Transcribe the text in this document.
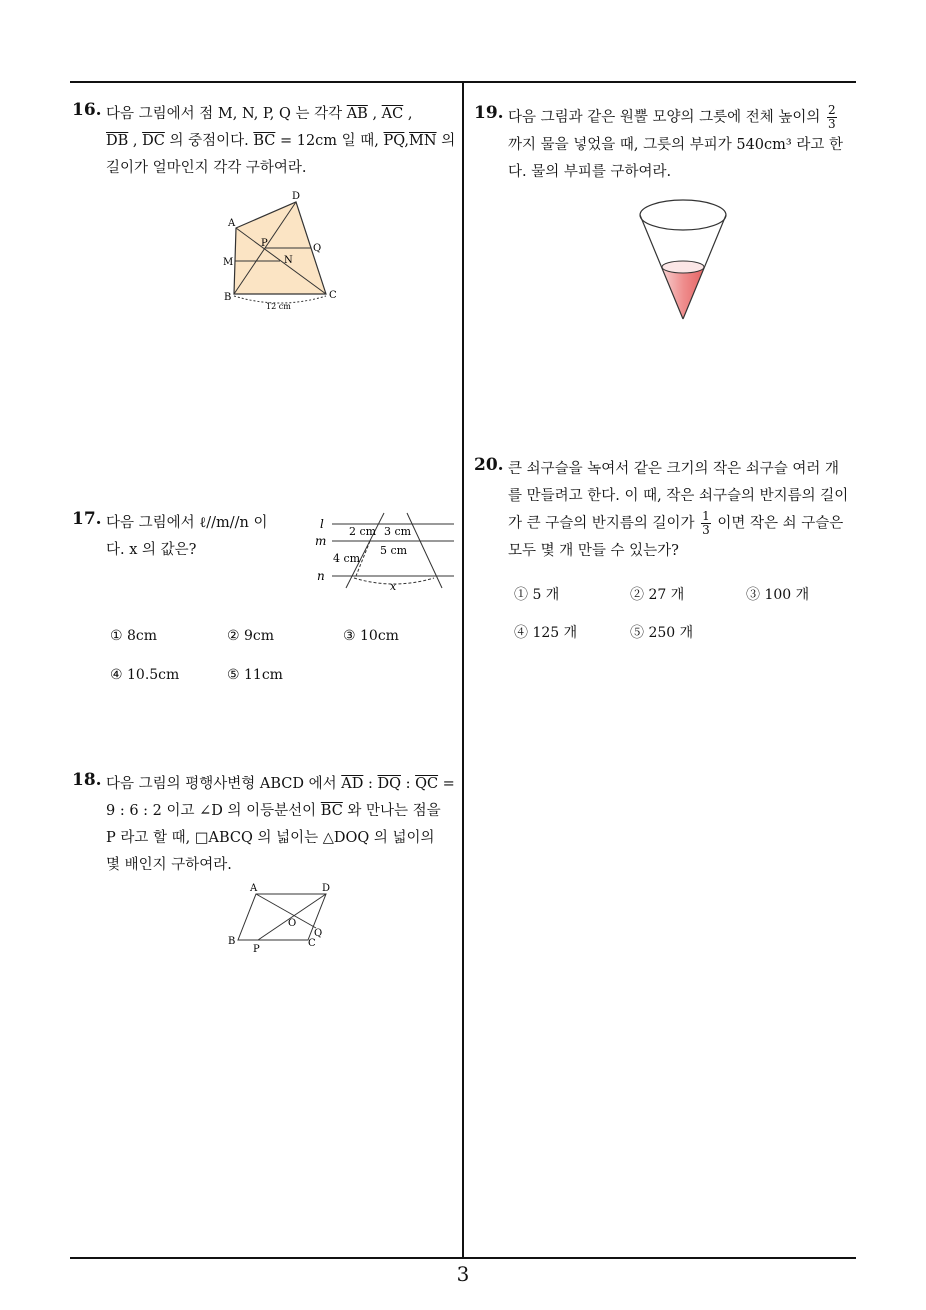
16. 다음 그림에서 점 M, N, P, Q 는 각각 $\overline{AB}$ , $\overline{AC}$ ,
$\overline{DB}$ , $\overline{DC}$ 의 중점이다. $\overline{BC} = 12cm$ 일 때, $\overline{PQ},\overline{MN}$ 의
길이가 얼마인지 각각 구하여라.
A
D
M
P	Q
N
B	C
12 cm
17. 다음 그림에서 ℓ//m//n 이
다. x 의 값은?
l
m
n
2 cm 3 cm
5 cm
4 cm
x
① 8cm	② 9cm	③ 10cm
④ 10.5cm	⑤ 11cm
18. 다음 그림의 평행사변형 ABCD 에서 $\overline{AD}$ : $\overline{DQ}$ : $\overline{QC}$ =
9 : 6 : 2 이고 ∠D 의 이등분선이 $\overline{BC}$ 와 만나는 점을
P 라고 할 때, □ABCQ 의 넓이는 △DOQ 의 넓이의
몇 배인지 구하여라.
A	D
B	C
O
Q
P
19. 다음 그림과 같은 원뿔 모양의 그릇에 전체 높이의 $\frac{2}{3}$
까지 물을 넣었을 때, 그릇의 부피가 540cm³ 라고 한
다. 물의 부피를 구하여라.
20. 큰 쇠구슬을 녹여서 같은 크기의 작은 쇠구슬 여러 개
를 만들려고 한다. 이 때, 작은 쇠구슬의 반지름의 길이
가 큰 구슬의 반지름의 길이가 $\frac{1}{3}$ 이면 작은 쇠 구슬은
모두 몇 개 만들 수 있는가?
① 5 개	② 27 개	③ 100 개
④ 125 개	⑤ 250 개
3
